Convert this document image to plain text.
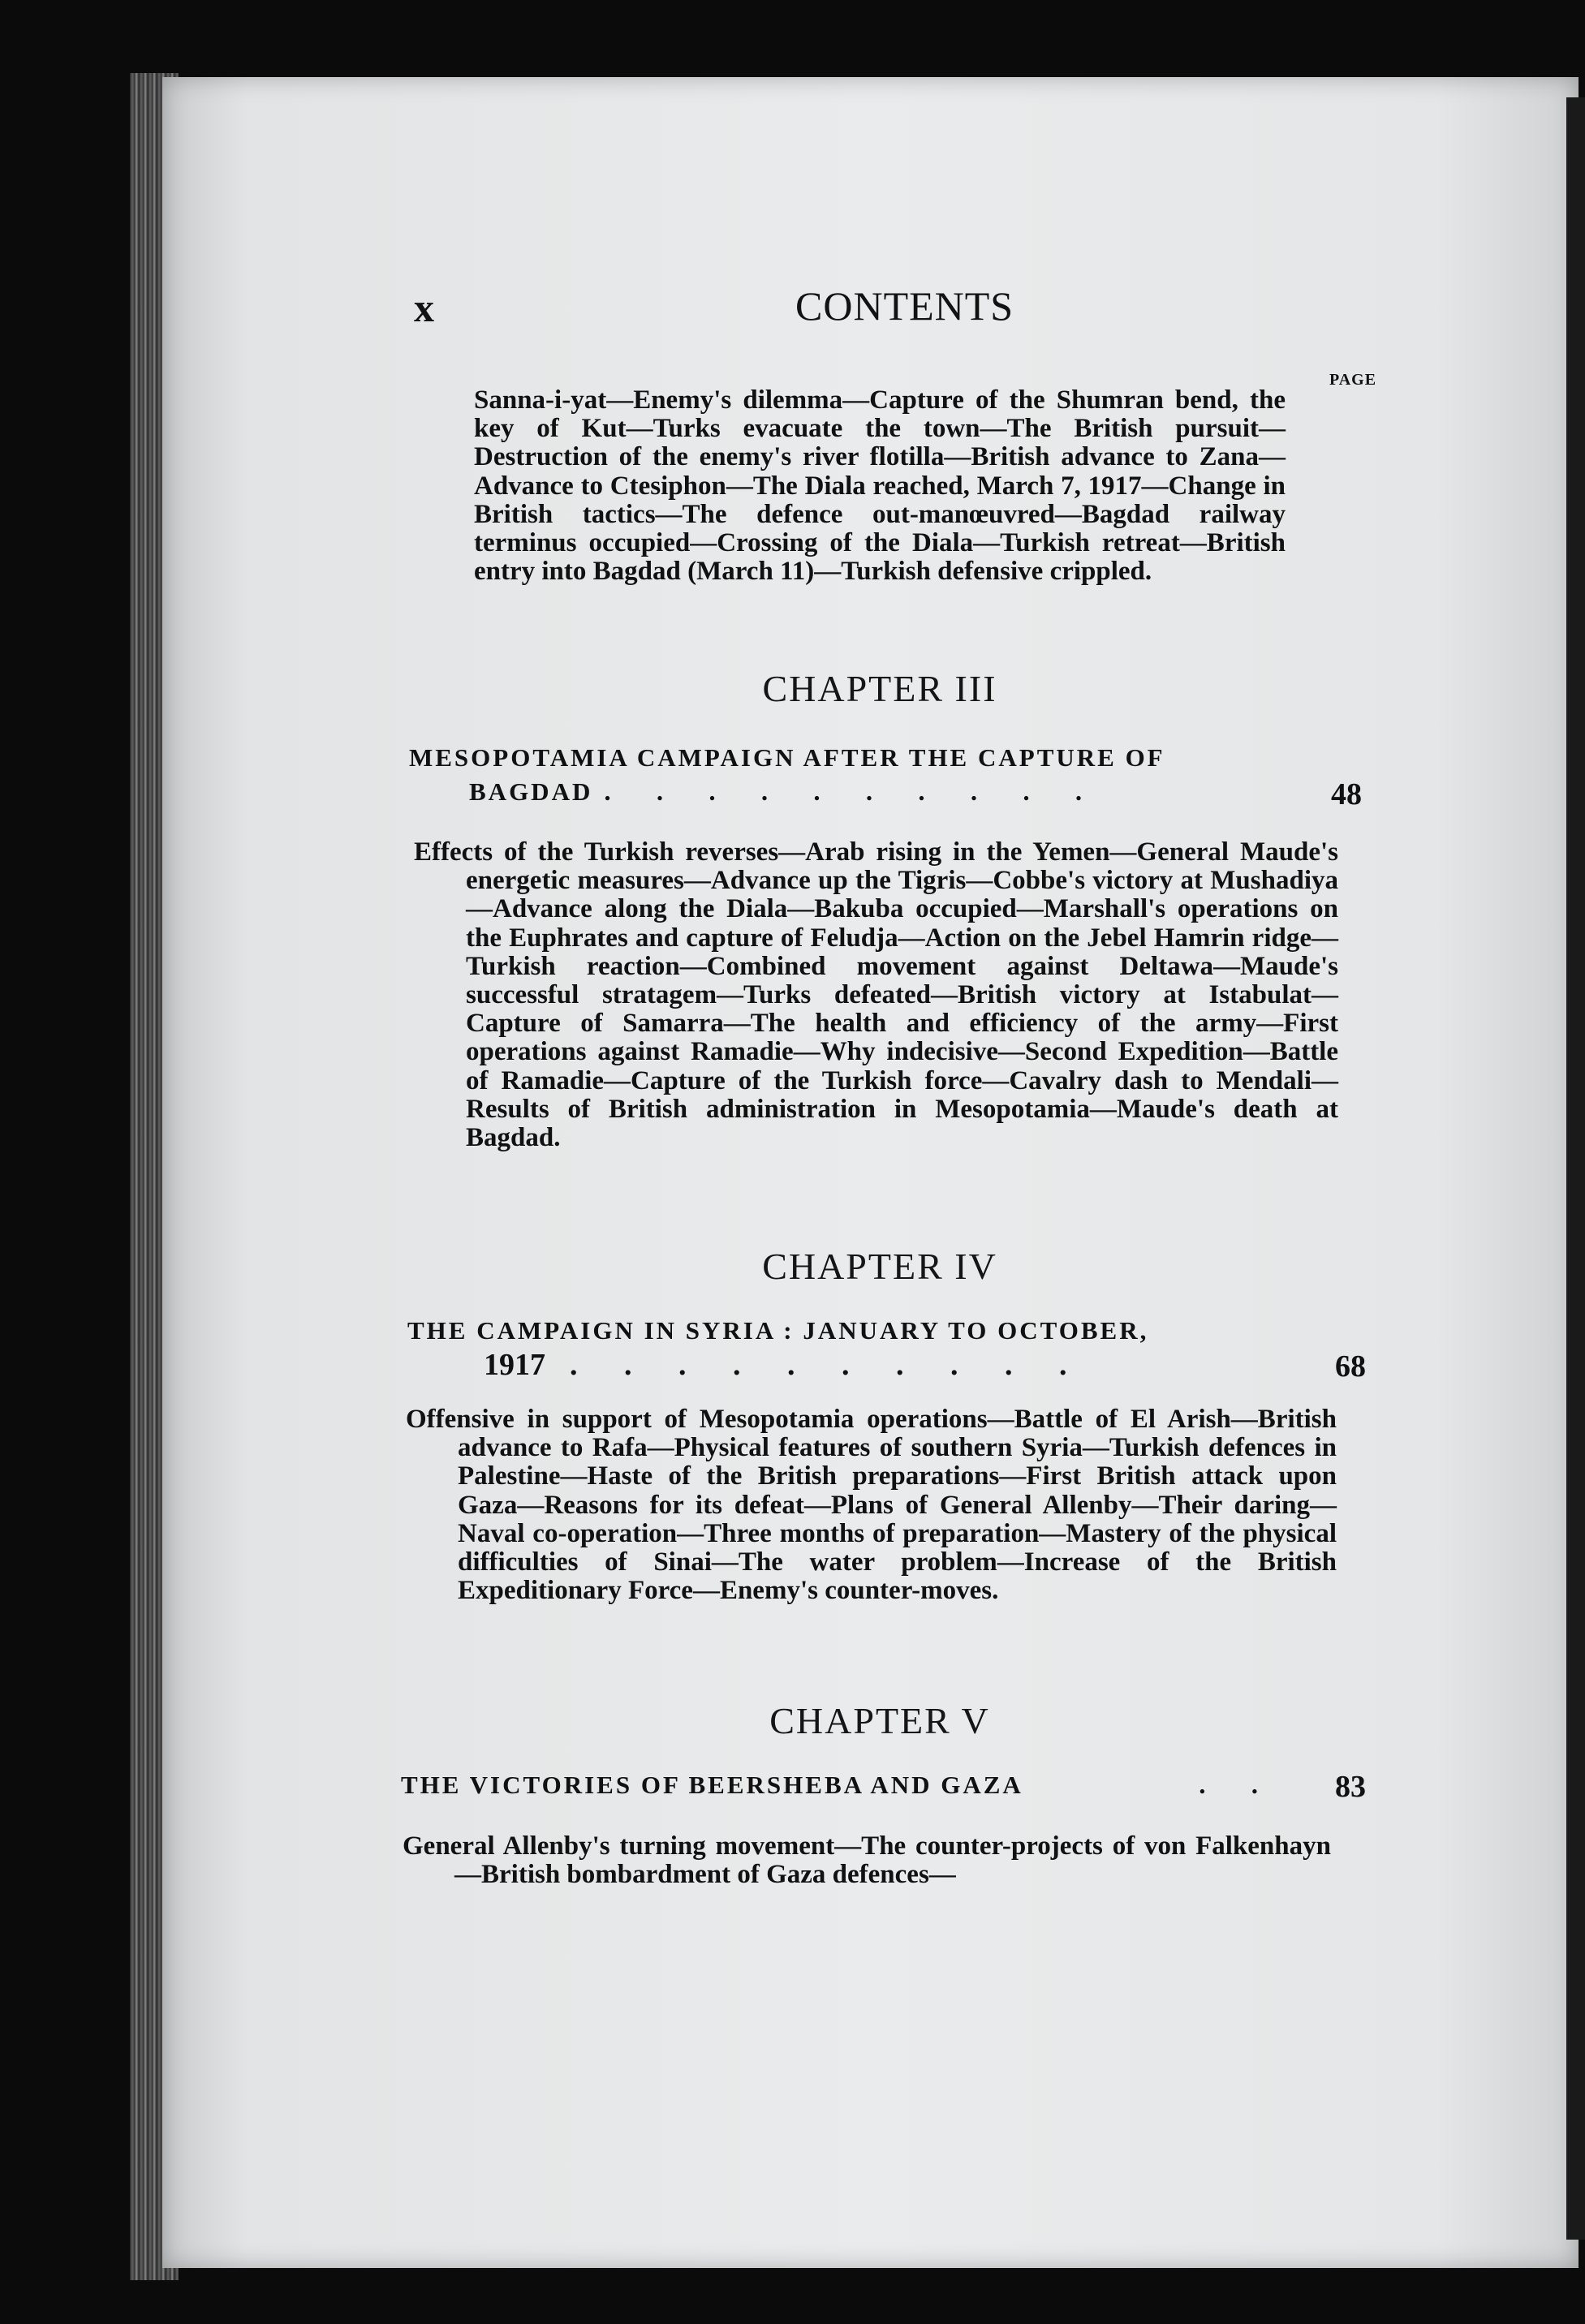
x	CONTENTS
PAGE
Sanna-i-yat—Enemy's dilemma—Capture of the Shumran bend, the key of Kut—Turks evacuate the town—The British pursuit—Destruction of the enemy's river flotilla—British advance to Zana—Advance to Ctesiphon—The Diala reached, March 7, 1917—Change in British tactics—The defence out-manœuvred—Bagdad railway terminus occupied—Crossing of the Diala—Turkish retreat—British entry into Bagdad (March 11)—Turkish defensive crippled.
CHAPTER III
MESOPOTAMIA CAMPAIGN AFTER THE CAPTURE OF
BAGDAD . . . . . . . . . .	48
Effects of the Turkish reverses—Arab rising in the Yemen—General Maude's energetic measures—Advance up the Tigris—Cobbe's victory at Mushadiya—Advance along the Diala—Bakuba occupied—Marshall's operations on the Euphrates and capture of Feludja—Action on the Jebel Hamrin ridge—Turkish reaction—Combined movement against Deltawa—Maude's successful stratagem—Turks defeated—British victory at Istabulat—Capture of Samarra—The health and efficiency of the army—First operations against Ramadie—Why indecisive—Second Expedition—Battle of Ramadie—Capture of the Turkish force—Cavalry dash to Mendali—Results of British administration in Mesopotamia—Maude's death at Bagdad.
CHAPTER IV
THE CAMPAIGN IN SYRIA : JANUARY TO OCTOBER,
1917 . . . . . . . . . .	68
Offensive in support of Mesopotamia operations—Battle of El Arish—British advance to Rafa—Physical features of southern Syria—Turkish defences in Palestine—Haste of the British preparations—First British attack upon Gaza—Reasons for its defeat—Plans of General Allenby—Their daring—Naval co-operation—Three months of preparation—Mastery of the physical difficulties of Sinai—The water problem—Increase of the British Expeditionary Force—Enemy's counter-moves.
CHAPTER V
THE VICTORIES OF BEERSHEBA AND GAZA	. . 83
General Allenby's turning movement—The counter-projects of von Falkenhayn—British bombardment of Gaza defences—
